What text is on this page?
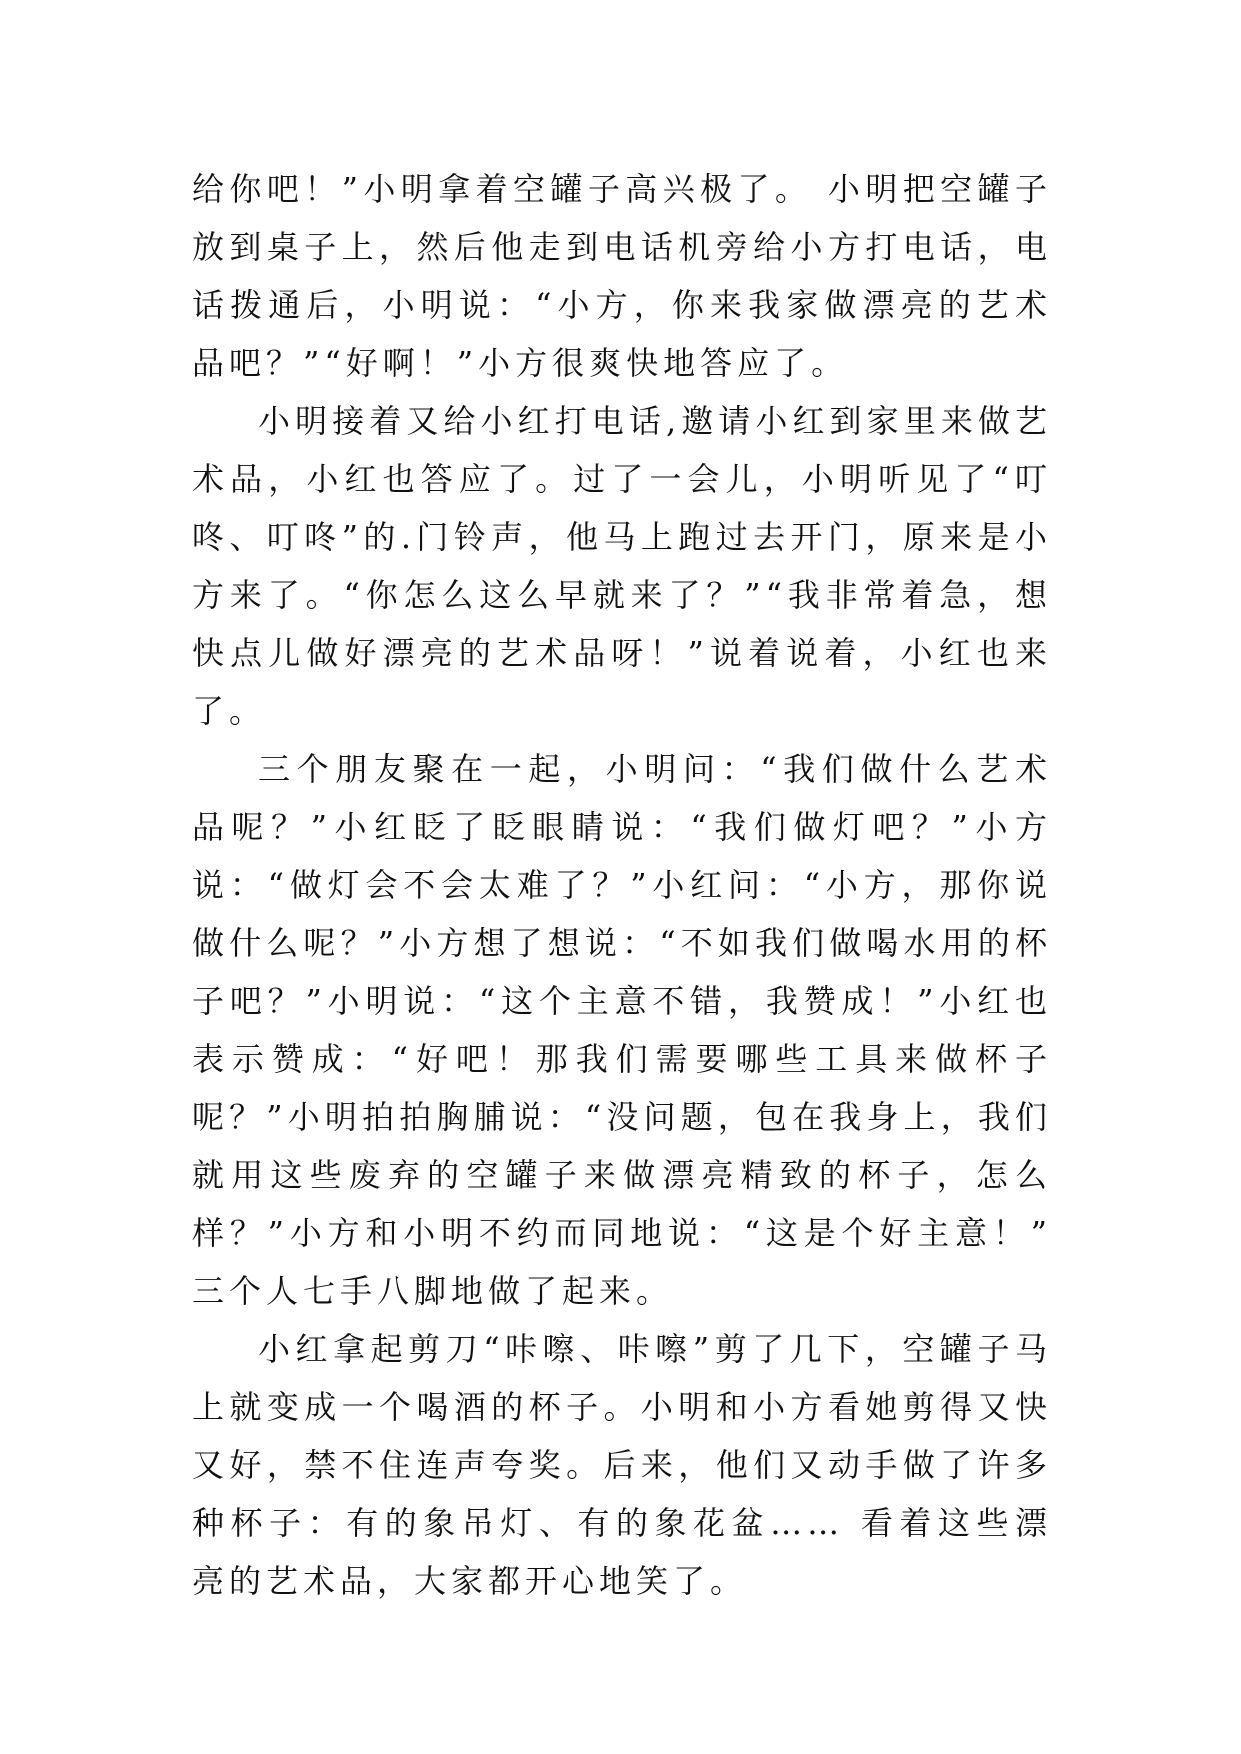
给你吧！”小明拿着空罐子高兴极了。 小明把空罐子放到桌子上，然后他走到电话机旁给小方打电话，电话拨通后，小明说：“小方，你来我家做漂亮的艺术品吧？”“好啊！”小方很爽快地答应了。

小明接着又给小红打电话,邀请小红到家里来做艺术品，小红也答应了。过了一会儿，小明听见了“叮咚、叮咚”的.门铃声，他马上跑过去开门，原来是小方来了。“你怎么这么早就来了？”“我非常着急，想快点儿做好漂亮的艺术品呀！”说着说着，小红也来了。

三个朋友聚在一起，小明问：“我们做什么艺术品呢？”小红眨了眨眼睛说：“我们做灯吧？”小方说：“做灯会不会太难了？”小红问：“小方，那你说做什么呢？”小方想了想说：“不如我们做喝水用的杯子吧？”小明说：“这个主意不错，我赞成！”小红也表示赞成：“好吧！那我们需要哪些工具来做杯子呢？”小明拍拍胸脯说：“没问题，包在我身上，我们就用这些废弃的空罐子来做漂亮精致的杯子，怎么样？”小方和小明不约而同地说：“这是个好主意！” 三个人七手八脚地做了起来。

小红拿起剪刀“咔嚓、咔嚓”剪了几下，空罐子马上就变成一个喝酒的杯子。小明和小方看她剪得又快又好，禁不住连声夸奖。后来，他们又动手做了许多种杯子：有的象吊灯、有的象花盆…… 看着这些漂亮的艺术品，大家都开心地笑了。
